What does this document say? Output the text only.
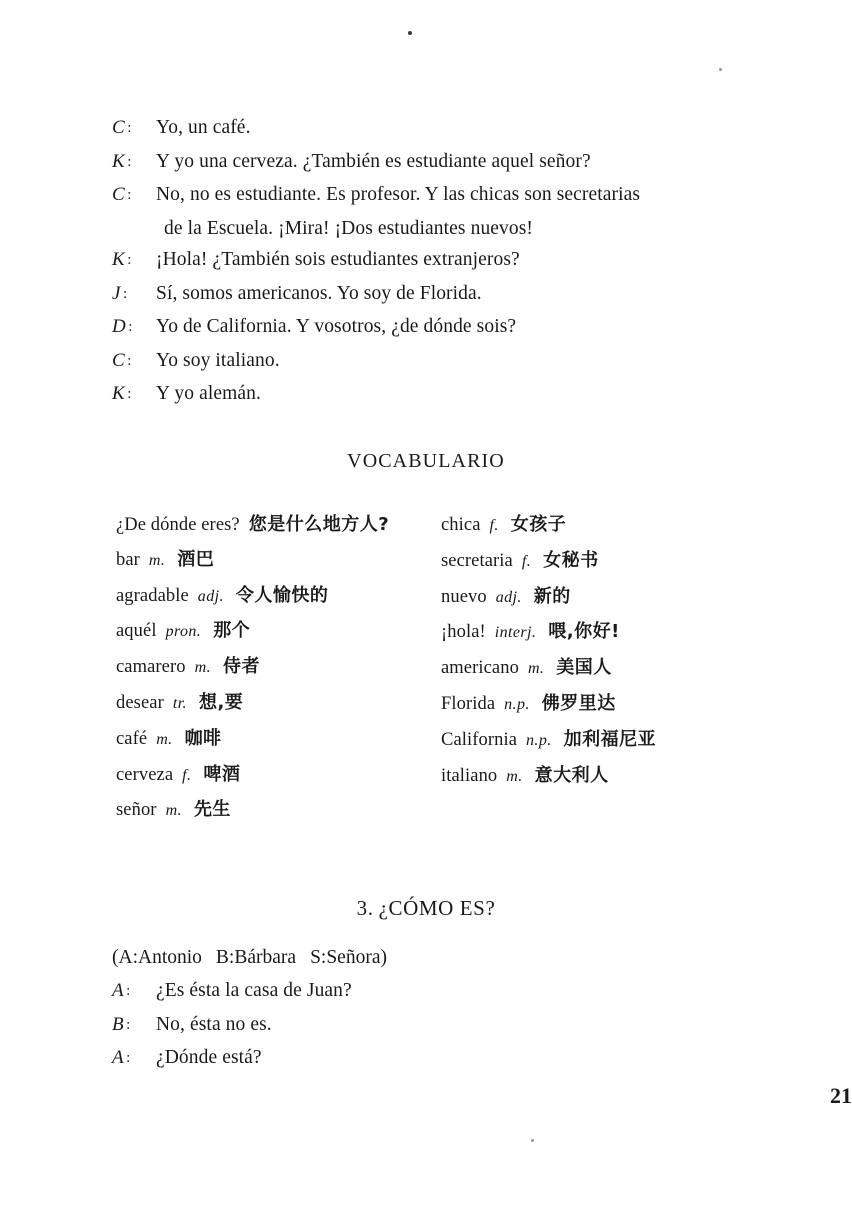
C :	Yo, un café.
K :	Y yo una cerveza. ¿También es estudiante aquel señor?
C :	No, no es estudiante. Es profesor. Y las chicas son secretarias
de la Escuela. ¡Mira! ¡Dos estudiantes nuevos!
K :	¡Hola! ¿También sois estudiantes extranjeros?
J :	Sí, somos americanos. Yo soy de Florida.
D :	Yo de California. Y vosotros, ¿de dónde sois?
C :	Yo soy italiano.
K :	Y yo alemán.
VOCABULARIO
¿De dónde eres? 您是什么地方人?
bar m. 酒巴
agradable adj. 令人愉快的
aquél pron. 那个
camarero m. 侍者
desear tr. 想,要
café m. 咖啡
cerveza f. 啤酒
señor m. 先生
chica f. 女孩子
secretaria f. 女秘书
nuevo adj. 新的
¡hola! interj. 喂,你好!
americano m. 美国人
Florida n.p. 佛罗里达
California n.p. 加利福尼亚
italiano m. 意大利人
3. ¿CÓMO ES?
(A:Antonio B:Bárbara S:Señora)
A :	¿Es ésta la casa de Juan?
B :	No, ésta no es.
A :	¿Dónde está?
21
